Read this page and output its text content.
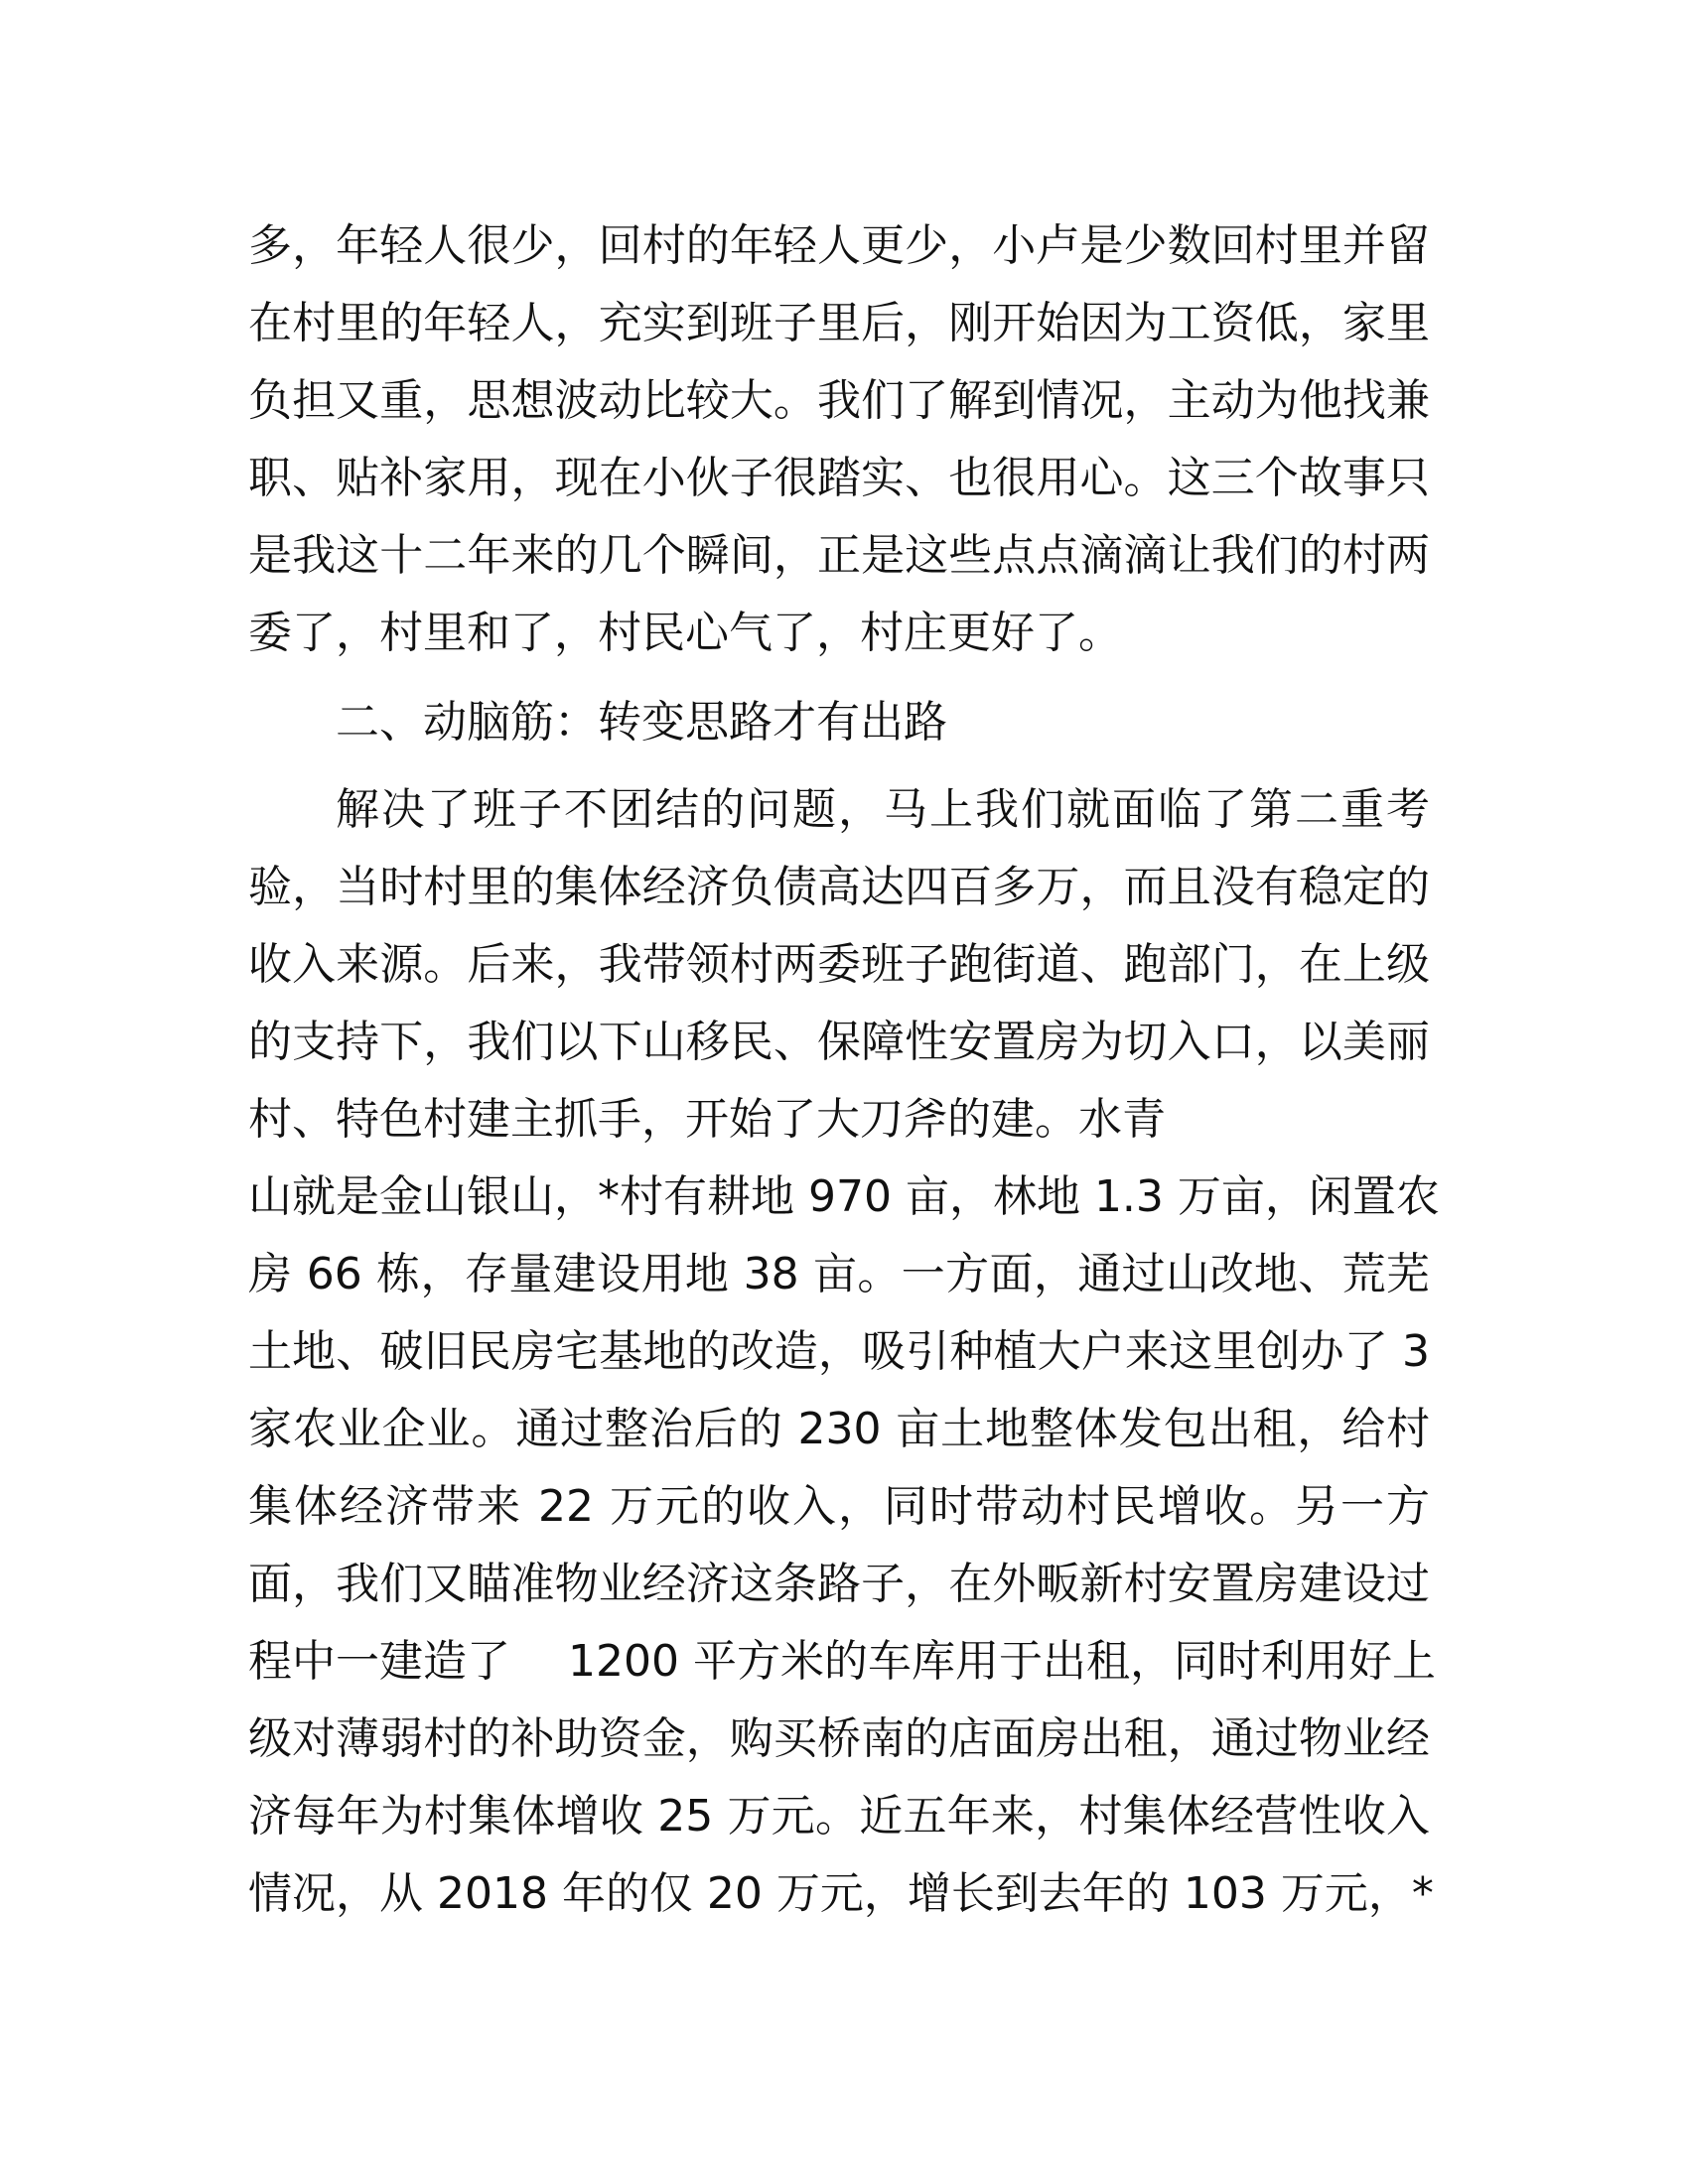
多，年轻人很少，回村的年轻人更少，小卢是少数回村里并留
在村里的年轻人，充实到班子里后，刚开始因为工资低，家里
负担又重，思想波动比较大。我们了解到情况，主动为他找兼
职、贴补家用，现在小伙子很踏实、也很用心。这三个故事只
是我这十二年来的几个瞬间，正是这些点点滴滴让我们的村两
委了，村里和了，村民心气了，村庄更好了。
二、动脑筋：转变思路才有出路
解决了班子不团结的问题，马上我们就面临了第二重考
验，当时村里的集体经济负债高达四百多万，而且没有稳定的
收入来源。后来，我带领村两委班子跑街道、跑部门，在上级
的支持下，我们以下山移民、保障性安置房为切入口，以美丽
村、特色村建主抓手，开始了大刀斧的建。水青
山就是金山银山，*村有耕地 970 亩，林地 1.3 万亩，闲置农
房 66 栋，存量建设用地 38 亩。一方面，通过山改地、荒芜
土地、破旧民房宅基地的改造，吸引种植大户来这里创办了 3
家农业企业。通过整治后的 230 亩土地整体发包出租，给村
集体经济带来 22 万元的收入，同时带动村民增收。另一方
面，我们又瞄准物业经济这条路子，在外畈新村安置房建设过
程中一建造了　 1200 平方米的车库用于出租，同时利用好上
级对薄弱村的补助资金，购买桥南的店面房出租，通过物业经
济每年为村集体增收 25 万元。近五年来，村集体经营性收入
情况，从 2018 年的仅 20 万元，增长到去年的 103 万元，*
